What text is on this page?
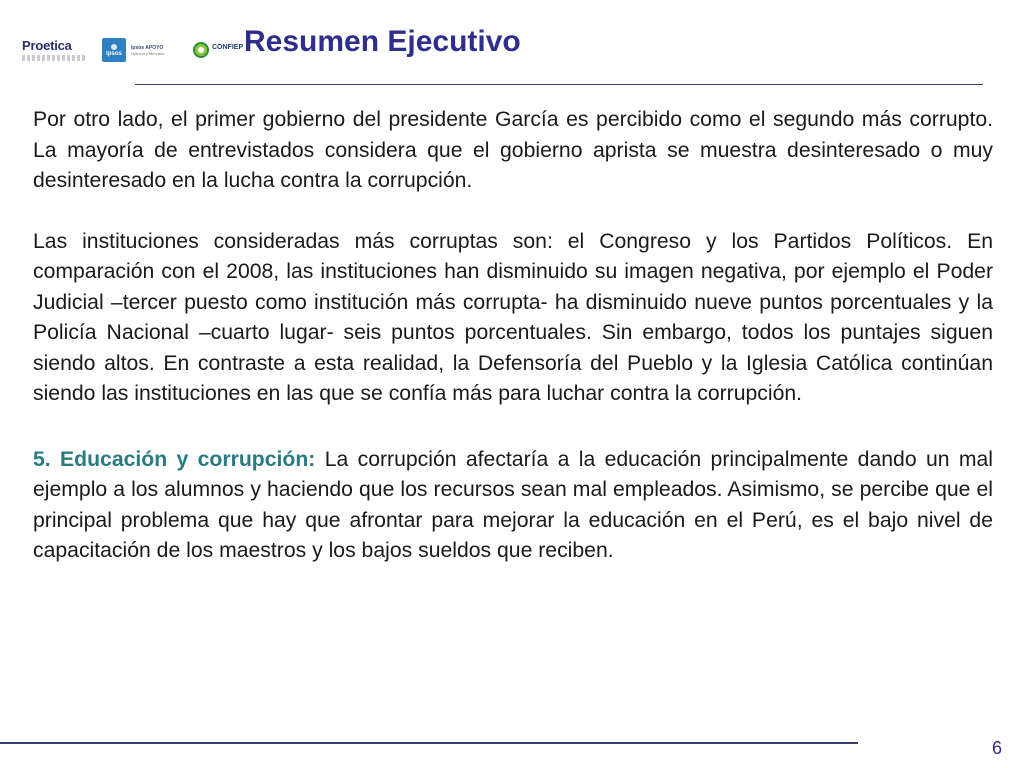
Proetica
Ipsos
Ipsos APOYO
Opinión y Mercado
CONFIEP Resumen Ejecutivo

Por otro lado, el primer gobierno del presidente García es percibido como el segundo más corrupto. La mayoría de entrevistados considera que el gobierno aprista se muestra desinteresado o muy desinteresado en la lucha contra la corrupción.

Las instituciones consideradas más corruptas son: el Congreso y los Partidos Políticos. En comparación con el 2008, las instituciones han disminuido su imagen negativa, por ejemplo el Poder Judicial –tercer puesto como institución más corrupta- ha disminuido nueve puntos porcentuales y la Policía Nacional –cuarto lugar- seis puntos porcentuales. Sin embargo, todos los puntajes siguen siendo altos. En contraste a esta realidad, la Defensoría del Pueblo y la Iglesia Católica continúan siendo las instituciones en las que se confía más para luchar contra la corrupción.

5. Educación y corrupción: La corrupción afectaría a la educación principalmente dando un mal ejemplo a los alumnos y haciendo que los recursos sean mal empleados. Asimismo, se percibe que el principal problema que hay que afrontar para mejorar la educación en el Perú, es el bajo nivel de capacitación de los maestros y los bajos sueldos que reciben.

6
